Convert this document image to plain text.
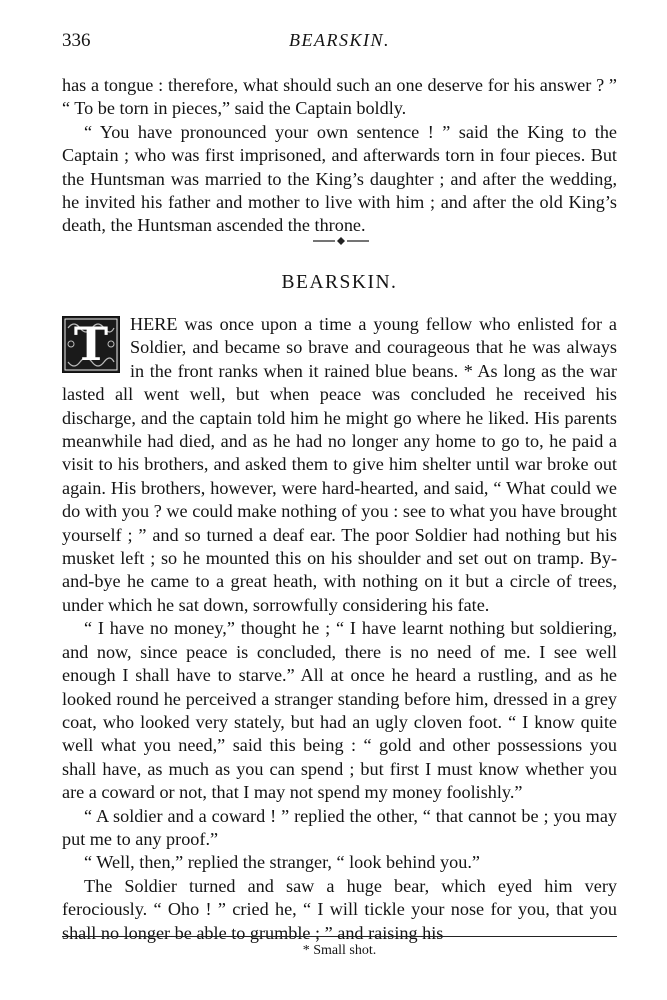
336	BEARSKIN.

has a tongue : therefore, what should such an one deserve for his answer ? ” “ To be torn in pieces,” said the Captain boldly.

“ You have pronounced your own sentence ! ” said the King to the Captain ; who was first imprisoned, and afterwards torn in four pieces. But the Huntsman was married to the King’s daughter ; and after the wedding, he invited his father and mother to live with him ; and after the old King’s death, the Huntsman ascended the throne.

BEARSKIN.

T	HERE was once upon a time a young fellow who enlisted for a Soldier, and became so brave and courageous that he was always in the front ranks when it rained blue beans. * As long as the war lasted all went well, but when peace was concluded he received his discharge, and the captain told him he might go where he liked. His parents meanwhile had died, and as he had no longer any home to go to, he paid a visit to his brothers, and asked them to give him shelter until war broke out again. His brothers, however, were hard-hearted, and said, “ What could we do with you ? we could make nothing of you : see to what you have brought yourself ; ” and so turned a deaf ear. The poor Soldier had nothing but his musket left ; so he mounted this on his shoulder and set out on tramp. By-and-bye he came to a great heath, with nothing on it but a circle of trees, under which he sat down, sorrowfully considering his fate.

“ I have no money,” thought he ; “ I have learnt nothing but soldiering, and now, since peace is concluded, there is no need of me. I see well enough I shall have to starve.” All at once he heard a rustling, and as he looked round he perceived a stranger standing before him, dressed in a grey coat, who looked very stately, but had an ugly cloven foot. “ I know quite well what you need,” said this being : “ gold and other possessions you shall have, as much as you can spend ; but first I must know whether you are a coward or not, that I may not spend my money foolishly.”

“ A soldier and a coward ! ” replied the other, “ that cannot be ; you may put me to any proof.”

“ Well, then,” replied the stranger, “ look behind you.”

The Soldier turned and saw a huge bear, which eyed him very ferociously. “ Oho ! ” cried he, “ I will tickle your nose for you, that you shall no longer be able to grumble ; ” and raising his

* Small shot.
